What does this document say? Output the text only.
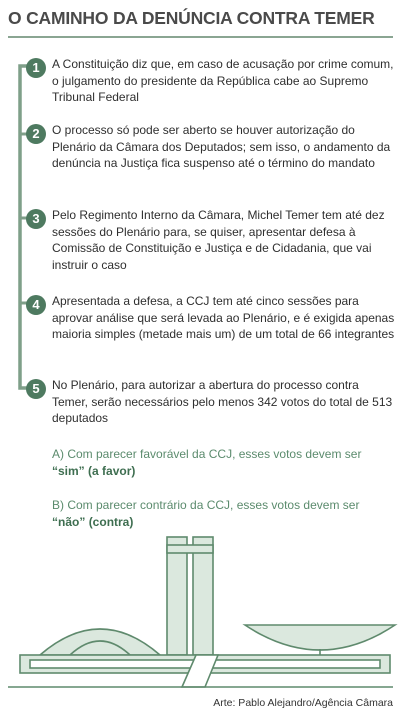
O CAMINHO DA DENÚNCIA CONTRA TEMER
1	A Constituição diz que, em caso de acusação por crime comum, o julgamento do presidente da República cabe ao Supremo Tribunal Federal
2	O processo só pode ser aberto se houver autorização do Plenário da Câmara dos Deputados; sem isso, o andamento da denúncia na Justiça fica suspenso até o término do mandato
3	Pelo Regimento Interno da Câmara, Michel Temer tem até dez sessões do Plenário para, se quiser, apresentar defesa à Comissão de Constituição e Justiça e de Cidadania, que vai instruir o caso
4	Apresentada a defesa, a CCJ tem até cinco sessões para aprovar análise que será levada ao Plenário, e é exigida apenas maioria simples (metade mais um) de um total de 66 integrantes
5	No Plenário, para autorizar a abertura do processo contra Temer, serão necessários pelo menos 342 votos do total de 513 deputados
A) Com parecer favorável da CCJ, esses votos devem ser
“sim” (a favor)
B) Com parecer contrário da CCJ, esses votos devem ser
“não” (contra)
Arte: Pablo Alejandro/Agência Câmara
